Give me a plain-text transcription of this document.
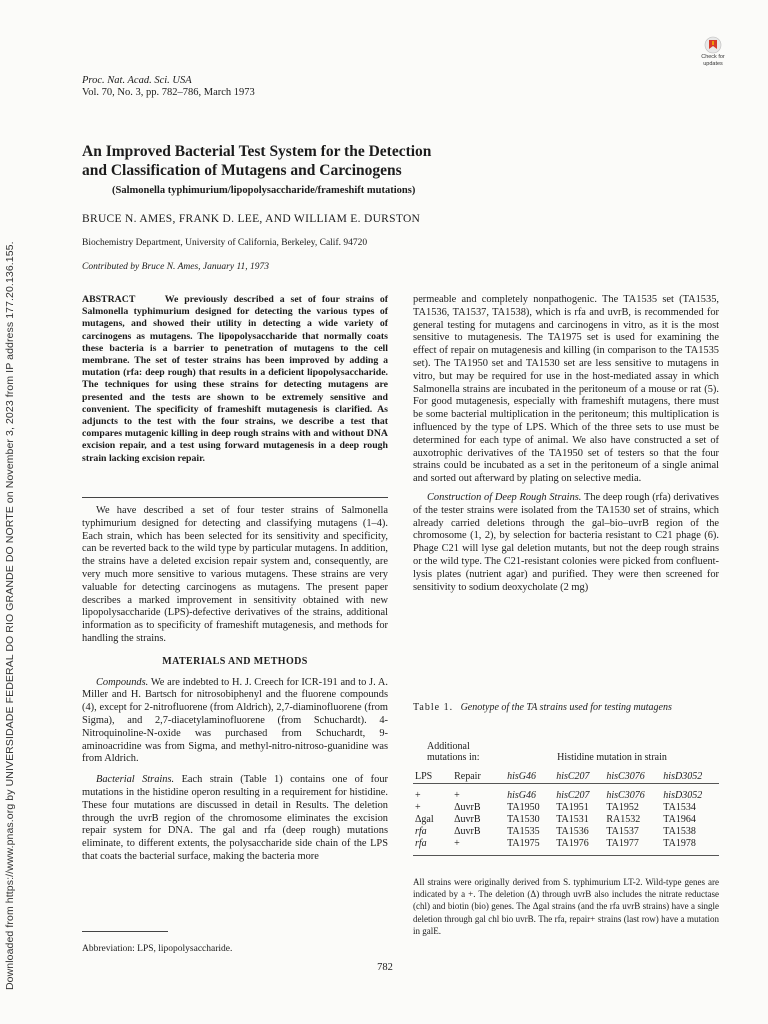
Downloaded from https://www.pnas.org by UNIVERSIDADE FEDERAL DO RIO GRANDE DO NORTE on November 3, 2023 from IP address 177.20.136.155.
Check for
updates
Proc. Nat. Acad. Sci. USA
Vol. 70, No. 3, pp. 782–786, March 1973
An Improved Bacterial Test System for the Detection
and Classification of Mutagens and Carcinogens
(Salmonella typhimurium/lipopolysaccharide/frameshift mutations)
BRUCE N. AMES, FRANK D. LEE, AND WILLIAM E. DURSTON
Biochemistry Department, University of California, Berkeley, Calif. 94720
Contributed by Bruce N. Ames, January 11, 1973

ABSTRACT	We previously described a set of four strains of Salmonella typhimurium designed for detecting the various types of mutagens, and showed their utility in detecting a wide variety of carcinogens as mutagens. The lipopolysaccharide that normally coats these bacteria is a barrier to penetration of mutagens to the cell membrane. The set of tester strains has been improved by adding a mutation (rfa: deep rough) that results in a deficient lipopolysaccharide. The techniques for using these strains for detecting mutagens are presented and the tests are shown to be extremely sensitive and convenient. The specificity of frameshift mutagenesis is clarified. As adjuncts to the test with the four strains, we describe a test that compares mutagenic killing in deep rough strains with and without DNA excision repair, and a test using forward mutagenesis in a deep rough strain lacking excision repair.

We have described a set of four tester strains of Salmonella typhimurium designed for detecting and classifying mutagens (1–4). Each strain, which has been selected for its sensitivity and specificity, can be reverted back to the wild type by particular mutagens. In addition, the strains have a deleted excision repair system and, consequently, are very much more sensitive to various mutagens. These strains are very valuable for detecting carcinogens as mutagens. The present paper describes a marked improvement in sensitivity obtained with new lipopolysaccharide (LPS)-defective derivatives of the strains, additional information as to specificity of frameshift mutagenesis, and methods for handling the strains.

MATERIALS AND METHODS

Compounds. We are indebted to H. J. Creech for ICR-191 and to J. A. Miller and H. Bartsch for nitrosobiphenyl and the fluorene compounds (4), except for 2-nitrofluorene (from Aldrich), 2,7-diaminofluorene (from Sigma), and 2,7-diacetylaminofluorene (from Schuchardt). 4-Nitroquinoline-N-oxide was purchased from Schuchardt, 9-aminoacridine was from Sigma, and methyl-nitro-nitroso-guanidine was from Aldrich.

Bacterial Strains. Each strain (Table 1) contains one of four mutations in the histidine operon resulting in a requirement for histidine. These four mutations are discussed in detail in Results. The deletion through the uvrB region of the chromosome eliminates the excision repair system for DNA. The gal and rfa (deep rough) mutations eliminate, to different extents, the polysaccharide side chain of the LPS that coats the bacterial surface, making the bacteria more

Abbreviation: LPS, lipopolysaccharide.

permeable and completely nonpathogenic. The TA1535 set (TA1535, TA1536, TA1537, TA1538), which is rfa and uvrB, is recommended for general testing for mutagens and carcinogens in vitro, as it is the most sensitive to mutagenesis. The TA1975 set is used for examining the effect of repair on mutagenesis and killing (in comparison to the TA1535 set). The TA1950 set and TA1530 set are less sensitive to mutagens in vitro, but may be required for use in the host-mediated assay in which Salmonella strains are incubated in the peritoneum of a mouse or rat (5). For good mutagenesis, especially with frameshift mutagens, there must be some bacterial multiplication in the peritoneum; this multiplication is influenced by the type of LPS. Which of the three sets to use must be determined for each type of animal. We also have constructed a set of auxotrophic derivatives of the TA1950 set of testers so that the four strains could be incubated as a set in the peritoneum of a single animal and sorted out afterward by plating on selective media.

Construction of Deep Rough Strains. The deep rough (rfa) derivatives of the tester strains were isolated from the TA1530 set of strains, which already carried deletions through the gal–bio–uvrB region of the chromosome (1, 2), by selection for bacteria resistant to C21 phage (6). Phage C21 will lyse gal deletion mutants, but not the deep rough strains or the wild type. The C21-resistant colonies were picked from confluent-lysis plates (nutrient agar) and purified. They were then screened for sensitivity to sodium deoxycholate (2 mg)

Table 1. Genotype of the TA strains used for testing mutagens
Additional
mutations in:		Histidine mutation in strain			
LPS	Repair	hisG46	hisC207	hisC3076	hisD3052
+	+	hisG46	hisC207	hisC3076	hisD3052
+	ΔuvrB	TA1950	TA1951	TA1952	TA1534
Δgal	ΔuvrB	TA1530	TA1531	RA1532	TA1964
rfa	ΔuvrB	TA1535	TA1536	TA1537	TA1538
rfa	+	TA1975	TA1976	TA1977	TA1978
All strains were originally derived from S. typhimurium LT-2. Wild-type genes are indicated by a +. The deletion (Δ) through uvrB also includes the nitrate reductase (chl) and biotin (bio) genes. The Δgal strains (and the rfa uvrB strains) have a single deletion through gal chl bio uvrB. The rfa, repair+ strains (last row) have a mutation in galE.
782
